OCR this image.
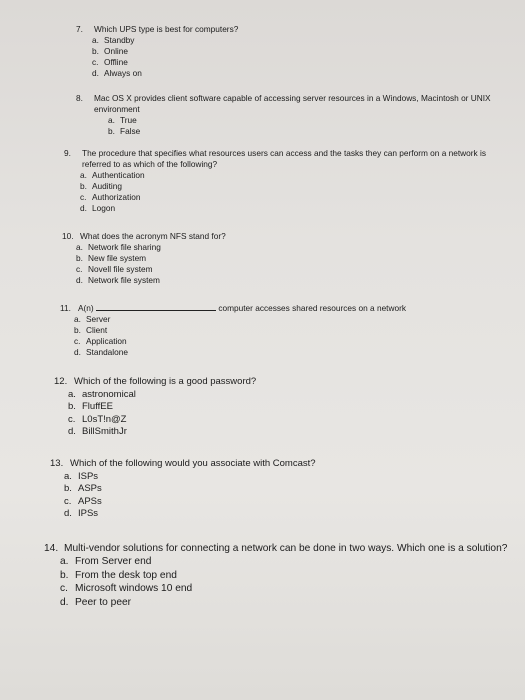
7. Which UPS type is best for computers?
a. Standby
b. Online
c. Offline
d. Always on
8.	Mac OS X provides client software capable of accessing server resources in a Windows, Macintosh or UNIX environment
a. True
b. False
9.	The procedure that specifies what resources users can access and the tasks they can perform on a network is referred to as which of the following?
a. Authentication
b. Auditing
c. Authorization
d. Logon
10. What does the acronym NFS stand for?
a. Network file sharing
b. New file system
c. Novell file system
d. Network file system
11. A(n)	computer accesses shared resources on a network
a. Server
b. Client
c. Application
d. Standalone
12. Which of the following is a good password?
a. astronomical
b. FluffEE
c. L0sT!n@Z
d. BillSmithJr
13. Which of the following would you associate with Comcast?
a. ISPs
b. ASPs
c. APSs
d. IPSs
14. Multi-vendor solutions for connecting a network can be done in two ways. Which one is a solution?
a. From Server end
b. From the desk top end
c. Microsoft windows 10 end
d. Peer to peer
